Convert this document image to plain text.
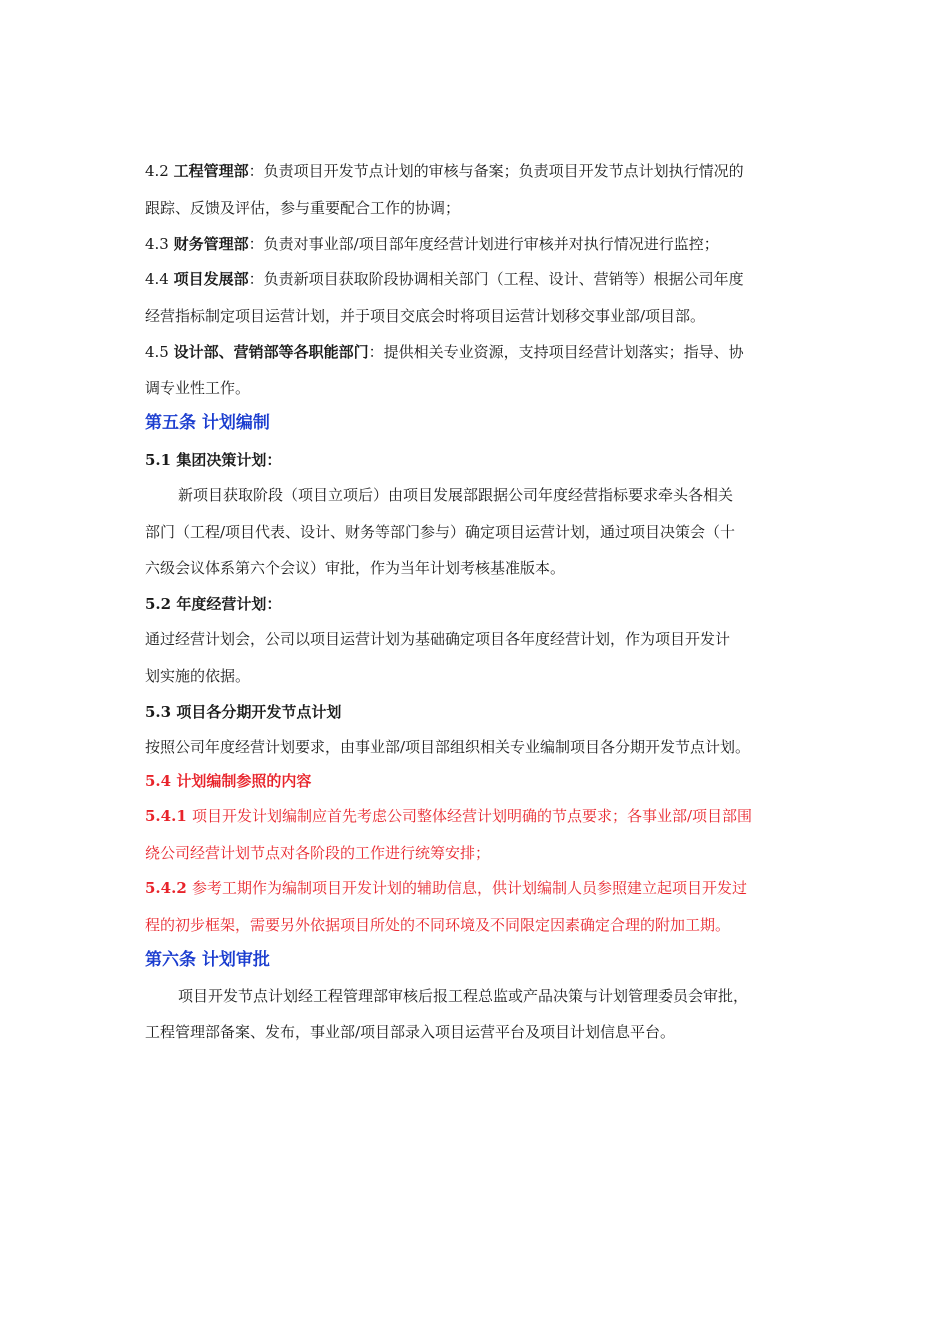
4.2 工程管理部：负责项目开发节点计划的审核与备案；负责项目开发节点计划执行情况的
跟踪、反馈及评估，参与重要配合工作的协调；
4.3 财务管理部：负责对事业部/项目部年度经营计划进行审核并对执行情况进行监控；
4.4 项目发展部：负责新项目获取阶段协调相关部门（工程、设计、营销等）根据公司年度
经营指标制定项目运营计划，并于项目交底会时将项目运营计划移交事业部/项目部。
4.5 设计部、营销部等各职能部门：提供相关专业资源，支持项目经营计划落实；指导、协
调专业性工作。
第五条 计划编制
5.1 集团决策计划：
新项目获取阶段（项目立项后）由项目发展部跟据公司年度经营指标要求牵头各相关
部门（工程/项目代表、设计、财务等部门参与）确定项目运营计划，通过项目决策会（十
六级会议体系第六个会议）审批，作为当年计划考核基准版本。
5.2 年度经营计划：
通过经营计划会，公司以项目运营计划为基础确定项目各年度经营计划，作为项目开发计
划实施的依据。
5.3 项目各分期开发节点计划
按照公司年度经营计划要求，由事业部/项目部组织相关专业编制项目各分期开发节点计划。
5.4 计划编制参照的内容
5.4.1 项目开发计划编制应首先考虑公司整体经营计划明确的节点要求；各事业部/项目部围
绕公司经营计划节点对各阶段的工作进行统筹安排；
5.4.2 参考工期作为编制项目开发计划的辅助信息，供计划编制人员参照建立起项目开发过
程的初步框架，需要另外依据项目所处的不同环境及不同限定因素确定合理的附加工期。
第六条 计划审批
项目开发节点计划经工程管理部审核后报工程总监或产品决策与计划管理委员会审批，
工程管理部备案、发布，事业部/项目部录入项目运营平台及项目计划信息平台。
